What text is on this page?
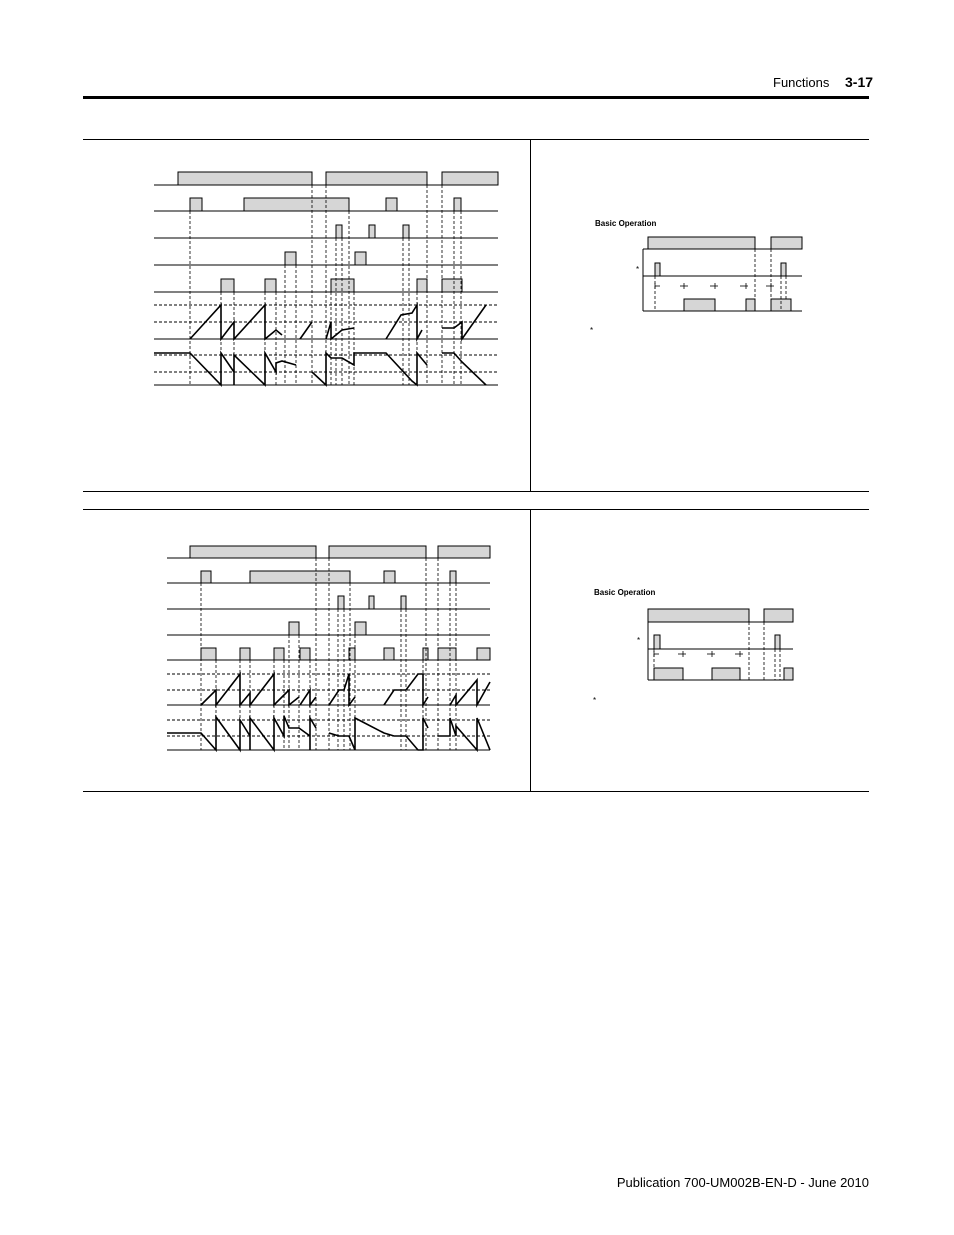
Functions 3-17
Basic Operation
*
*
Basic Operation
*
*
Publication 700-UM002B-EN-D - June 2010
